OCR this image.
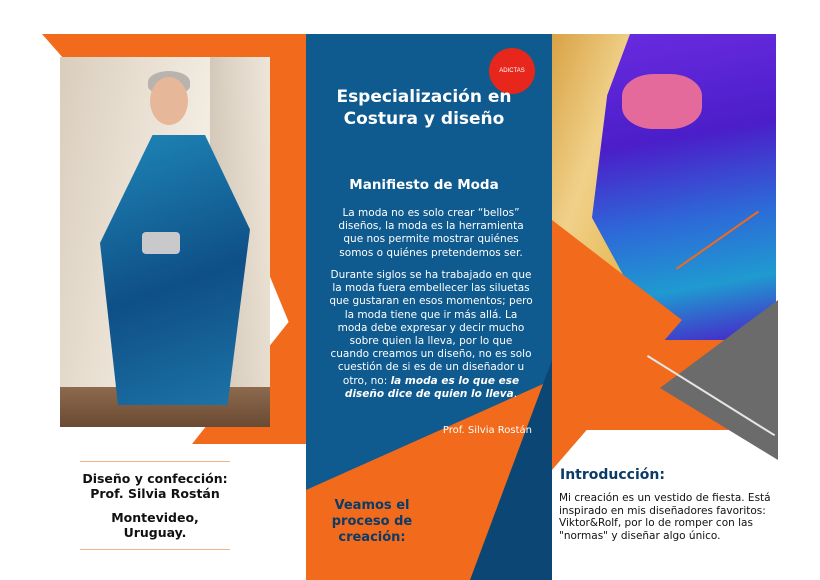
Diseño y confección:
Prof. Silvia Rostán
Montevideo,
Uruguay.
ADICTAS
Especialización en
Costura y diseño
Manifiesto de Moda

La moda no es solo crear “bellos” diseños, la moda es la herramienta que nos permite mostrar quiénes somos o quiénes pretendemos ser.

Durante siglos se ha trabajado en que la moda fuera embellecer las siluetas que gustaran en esos momentos; pero la moda tiene que ir más allá. La moda debe expresar y decir mucho sobre quien la lleva, por lo que cuando creamos un diseño, no es solo cuestión de si es de un diseñador u otro, no: la moda es lo que ese diseño dice de quien lo lleva.

Prof. Silvia Rostán
Veamos el
proceso de
creación:
Introducción:

Mi creación es un vestido de fiesta. Está inspirado en mis diseñadores favoritos: Viktor&Rolf, por lo de romper con las "normas" y diseñar algo único.
